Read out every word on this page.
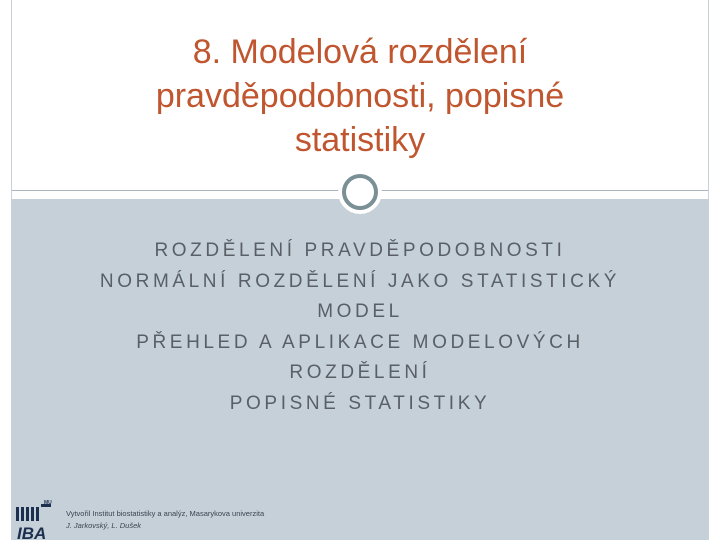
8. Modelová rozdělení
pravděpodobnosti, popisné
statistiky
ROZDĚLENÍ PRAVDĚPODOBNOSTI
NORMÁLNÍ ROZDĚLENÍ JAKO STATISTICKÝ
MODEL
PŘEHLED A APLIKACE MODELOVÝCH
ROZDĚLENÍ
POPISNÉ STATISTIKY
MU
IBA
Vytvořil Institut biostatistiky a analýz, Masarykova univerzita
J. Jarkovský, L. Dušek
